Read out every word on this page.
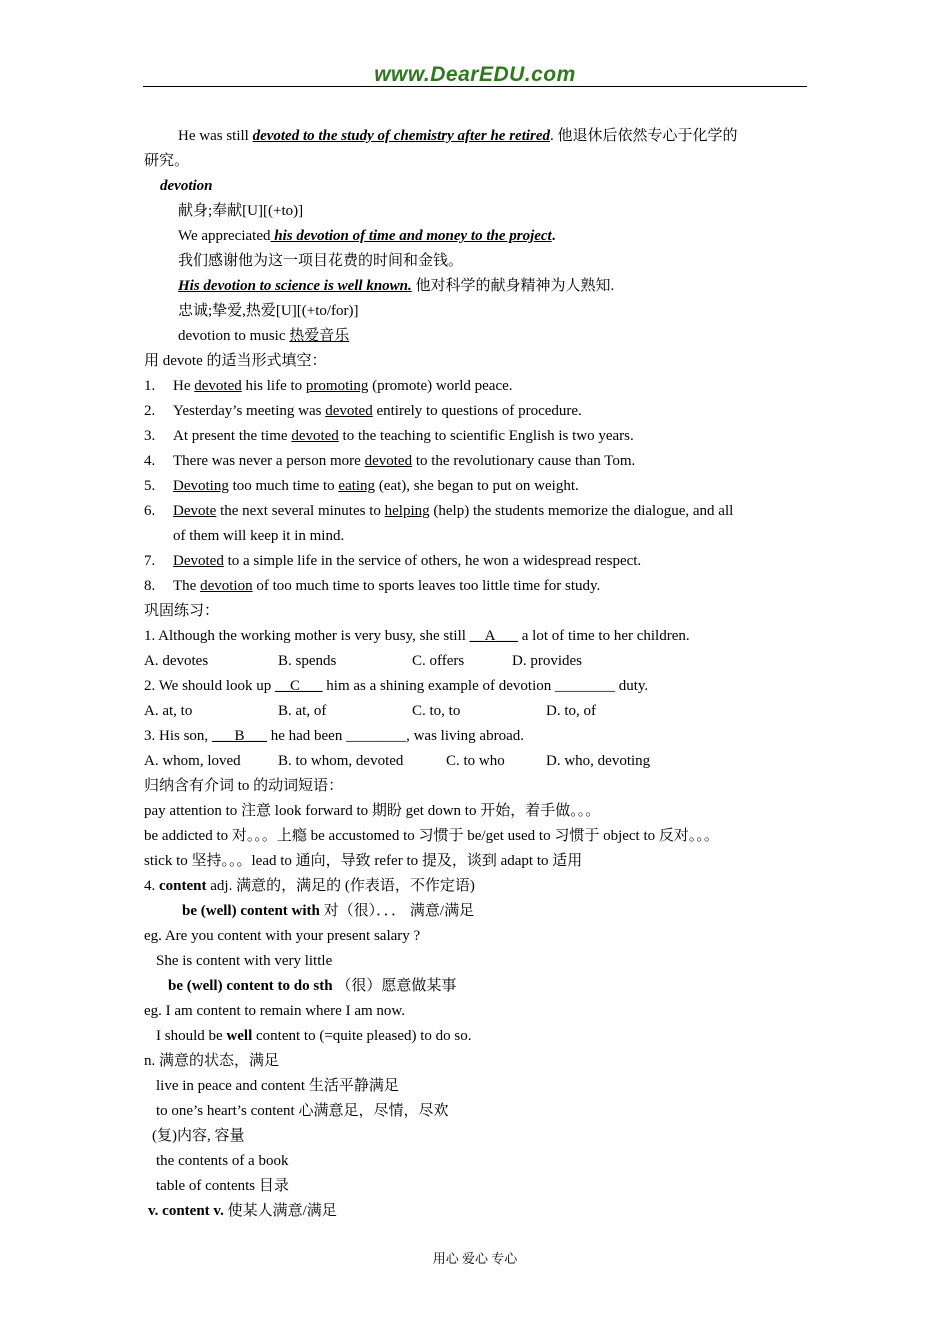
www.DearEDU.com
He was still devoted to the study of chemistry after he retired. 他退休后依然专心于化学的
研究。
devotion
献身;奉献[U][(+to)]
We appreciated his devotion of time and money to the project.
我们感谢他为这一项目花费的时间和金钱。
His devotion to science is well known. 他对科学的献身精神为人熟知.
忠诚;挚爱,热爱[U][(+to/for)]
devotion to music 热爱音乐
用 devote 的适当形式填空：
1. He devoted his life to promoting (promote) world peace.
2. Yesterday’s meeting was devoted entirely to questions of procedure.
3. At present the time devoted to the teaching to scientific English is two years.
4. There was never a person more devoted to the revolutionary cause than Tom.
5. Devoting too much time to eating (eat), she began to put on weight.
6. Devote the next several minutes to helping (help) the students memorize the dialogue, and all
of them will keep it in mind.
7. Devoted to a simple life in the service of others, he won a widespread respect.
8. The devotion of too much time to sports leaves too little time for study.
巩固练习：
1. Although the working mother is very busy, she still __A___ a lot of time to her children.
A. devotes	B. spends	C. offers	D. provides
2. We should look up __C___ him as a shining example of devotion ________ duty.
A. at, to	B. at, of	C. to, to	D. to, of
3. His son, ___B___ he had been ________, was living abroad.
A. whom, loved B. to whom, devoted	C. to who	D. who, devoting
归纳含有介词 to 的动词短语：
pay attention to 注意 look forward to 期盼 get down to 开始，着手做。。。
be addicted to 对。。。上瘾 be accustomed to 习惯于 be/get used to 习惯于 object to 反对。。。
stick to 坚持。。。lead to 通向，导致 refer to 提及，谈到 adapt to 适用
4. content adj. 满意的，满足的 (作表语，不作定语)
be (well) content with 对（很）．．． 满意/满足
eg. Are you content with your present salary ?
She is content with very little
be (well) content to do sth （很）愿意做某事
eg. I am content to remain where I am now.
I should be well content to (=quite pleased) to do so.
n. 满意的状态，满足
live in peace and content 生活平静满足
to one’s heart’s content 心满意足，尽情，尽欢
(复)内容, 容量
the contents of a book
table of contents 目录
v. content v. 使某人满意/满足
用心 爱心 专心
